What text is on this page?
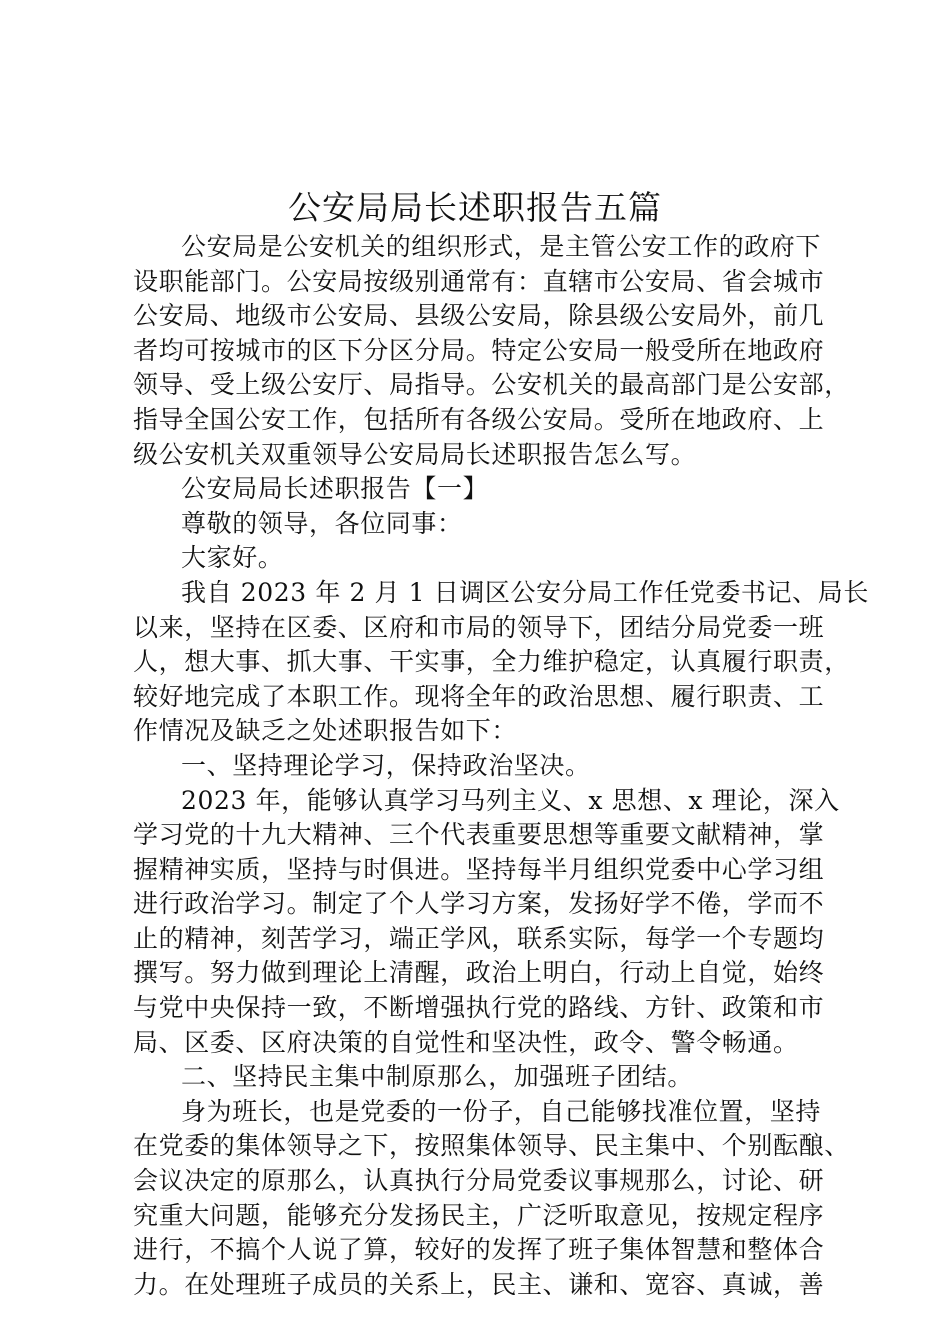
公安局局长述职报告五篇
公安局是公安机关的组织形式，是主管公安工作的政府下
设职能部门。公安局按级别通常有：直辖市公安局、省会城市
公安局、地级市公安局、县级公安局，除县级公安局外，前几
者均可按城市的区下分区分局。特定公安局一般受所在地政府
领导、受上级公安厅、局指导。公安机关的最高部门是公安部，
指导全国公安工作，包括所有各级公安局。受所在地政府、上
级公安机关双重领导公安局局长述职报告怎么写。
公安局局长述职报告【一】
尊敬的领导，各位同事：
大家好。
我自 2023 年 2 月 1 日调区公安分局工作任党委书记、局长
以来，坚持在区委、区府和市局的领导下，团结分局党委一班
人，想大事、抓大事、干实事，全力维护稳定，认真履行职责，
较好地完成了本职工作。现将全年的政治思想、履行职责、工
作情况及缺乏之处述职报告如下：
一、坚持理论学习，保持政治坚决。
2023 年，能够认真学习马列主义、x 思想、x 理论，深入
学习党的十九大精神、三个代表重要思想等重要文献精神，掌
握精神实质，坚持与时俱进。坚持每半月组织党委中心学习组
进行政治学习。制定了个人学习方案，发扬好学不倦，学而不
止的精神，刻苦学习，端正学风，联系实际，每学一个专题均
撰写。努力做到理论上清醒，政治上明白，行动上自觉，始终
与党中央保持一致，不断增强执行党的路线、方针、政策和市
局、区委、区府决策的自觉性和坚决性，政令、警令畅通。
二、坚持民主集中制原那么，加强班子团结。
身为班长，也是党委的一份子，自己能够找准位置，坚持
在党委的集体领导之下，按照集体领导、民主集中、个别酝酿、
会议决定的原那么，认真执行分局党委议事规那么，讨论、研
究重大问题，能够充分发扬民主，广泛听取意见，按规定程序
进行，不搞个人说了算，较好的发挥了班子集体智慧和整体合
力。在处理班子成员的关系上，民主、谦和、宽容、真诚，善
